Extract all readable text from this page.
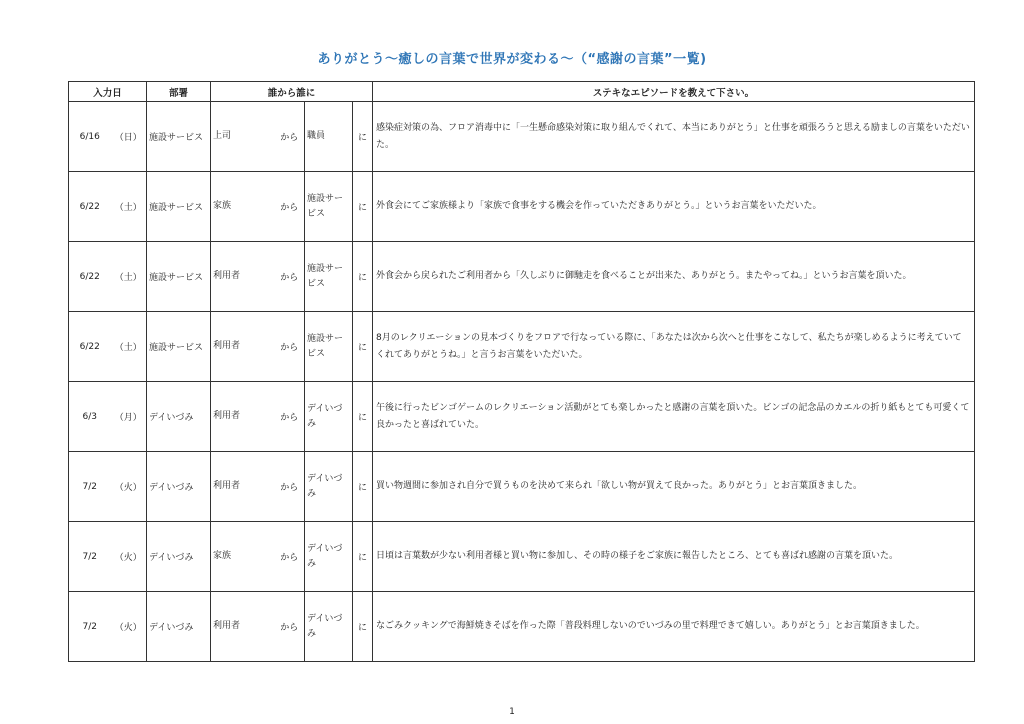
ありがとう〜癒しの言葉で世界が変わる〜（“感謝の言葉”一覧)
入力日		部署	誰から誰に				ステキなエピソードを教えて下さい。
6/16	（日）	施設サービス	上司	から	職員	に	感染症対策の為、フロア消毒中に「一生懸命感染対策に取り組んでくれて、本当にありがとう」と仕事を頑張ろうと思える励ましの言葉をいただいた。
6/22	（土）	施設サービス	家族	から	施設サービス	に	外食会にてご家族様より「家族で食事をする機会を作っていただきありがとう。」というお言葉をいただいた。
6/22	（土）	施設サービス	利用者	から	施設サービス	に	外食会から戻られたご利用者から「久しぶりに御馳走を食べることが出来た、ありがとう。またやってね。」というお言葉を頂いた。
6/22	（土）	施設サービス	利用者	から	施設サービス	に	8月のレクリエーションの見本づくりをフロアで行なっている際に、「あなたは次から次へと仕事をこなして、私たちが楽しめるように考えていてくれてありがとうね。」と言うお言葉をいただいた。
6/3	（月）	デイいづみ	利用者	から	デイいづみ	に	午後に行ったビンゴゲームのレクリエーション活動がとても楽しかったと感謝の言葉を頂いた。ビンゴの記念品のカエルの折り紙もとても可愛くて良かったと喜ばれていた。
7/2	（火）	デイいづみ	利用者	から	デイいづみ	に	買い物週間に参加され自分で買うものを決めて来られ「欲しい物が買えて良かった。ありがとう」とお言葉頂きました。
7/2	（火）	デイいづみ	家族	から	デイいづみ	に	日頃は言葉数が少ない利用者様と買い物に参加し、その時の様子をご家族に報告したところ、とても喜ばれ感謝の言葉を頂いた。
7/2	（火）	デイいづみ	利用者	から	デイいづみ	に	なごみクッキングで海鮮焼きそばを作った際「普段料理しないのでいづみの里で料理できて嬉しい。ありがとう」とお言葉頂きました。
1
